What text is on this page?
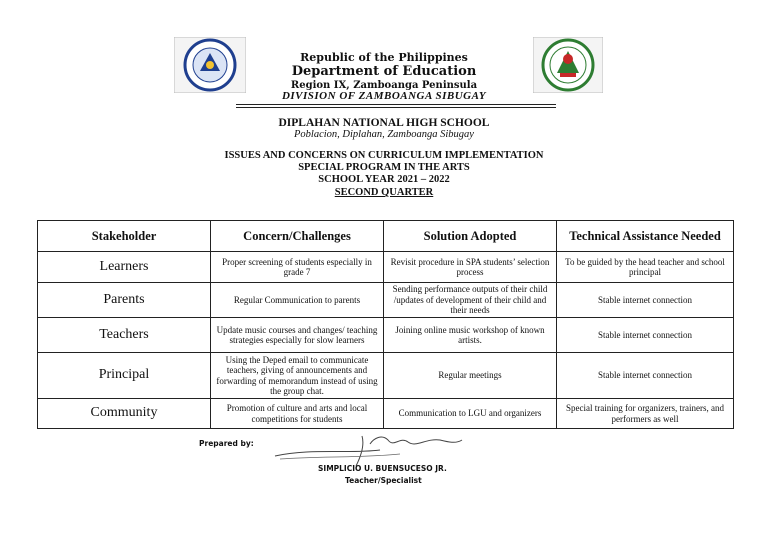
Republic of the Philippines
Department of Education
Region IX, Zamboanga Peninsula
DIVISION OF ZAMBOANGA SIBUGAY
DIPLAHAN NATIONAL HIGH SCHOOL
Poblacion, Diplahan, Zamboanga Sibugay
ISSUES AND CONCERNS ON CURRICULUM IMPLEMENTATION
SPECIAL PROGRAM IN THE ARTS
SCHOOL YEAR 2021 – 2022
SECOND QUARTER
Stakeholder	Concern/Challenges	Solution Adopted	Technical Assistance Needed
Learners	Proper screening of students especially in grade 7	Revisit procedure in SPA students’ selection process	To be guided by the head teacher and school principal
Parents	Regular Communication to parents	Sending performance outputs of their child /updates of development of their child and their needs	Stable internet connection
Teachers	Update music courses and changes/ teaching strategies especially for slow learners	Joining online music workshop of known artists.	Stable internet connection
Principal	Using the Deped email to communicate teachers, giving of announcements and forwarding of memorandum instead of using the group chat.	Regular meetings	Stable internet connection
Community	Promotion of culture and arts and local competitions for students	Communication to LGU and organizers	Special training for organizers, trainers, and performers as well
Prepared by:
SIMPLICIO U. BUENSUCESO JR.
Teacher/Specialist
